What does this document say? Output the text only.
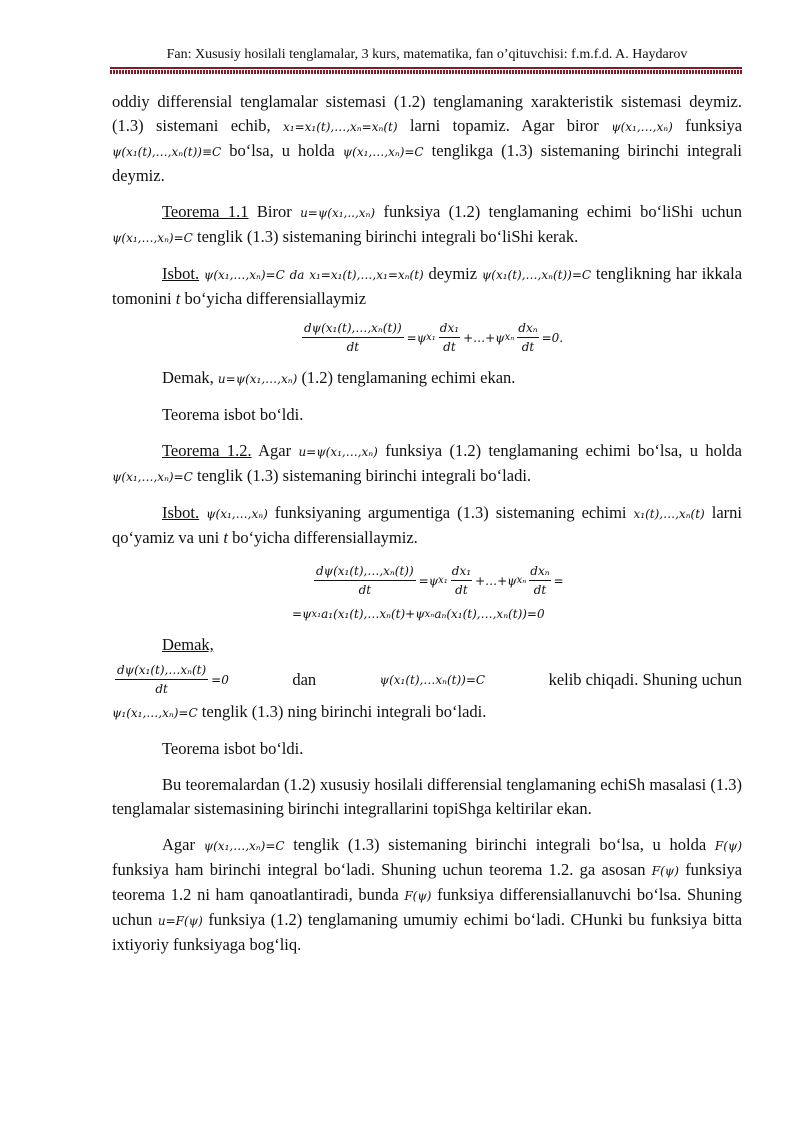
Fan: Xususiy hosilali tenglamalar, 3 kurs, matematika, fan o’qituvchisi: f.m.f.d. A. Haydarov

oddiy differensial tenglamalar sistemasi (1.2) tenglamaning xarakteristik sistemasi deymiz. (1.3) sistemani echib, x₁=x₁(t),…,xₙ=xₙ(t) larni topamiz. Agar biror ψ(x₁,…,xₙ) funksiya ψ(x₁(t),…,xₙ(t))≡C bo‘lsa, u holda ψ(x₁,…,xₙ)=C tenglikga (1.3) sistemaning birinchi integrali deymiz.

Teorema 1.1 Biror u=ψ(x₁,..,xₙ) funksiya (1.2) tenglamaning echimi bo‘liShi uchun ψ(x₁,…,xₙ)=C tenglik (1.3) sistemaning birinchi integrali bo‘liShi kerak.

Isbot. ψ(x₁,…,xₙ)=C da x₁=x₁(t),…,x₁=xₙ(t) deymiz ψ(x₁(t),…,xₙ(t))=C tenglikning har ikkala tomonini t bo‘yicha differensiallaymiz

$\frac{\text{dψ(x₁(t),…,xₙ(t))}}{dt} =\psi$ $x_1 \frac{\text{dx₁}}{dt}$ +…+ψ xₙ $\frac{\text{dxₙ}}{dt} =0$.

Demak, u=ψ(x₁,…,xₙ) (1.2) tenglamaning echimi ekan.

Teorema isbot bo‘ldi.

Teorema 1.2. Agar u=ψ(x₁,…,xₙ) funksiya (1.2) tenglamaning echimi bo‘lsa, u holda ψ(x₁,…,xₙ)=C tenglik (1.3) sistemaning birinchi integrali bo‘ladi.

Isbot. ψ(x₁,…,xₙ) funksiyaning argumentiga (1.3) sistemaning echimi x₁(t),…,xₙ(t) larni qo‘yamiz va uni t bo‘yicha differensiallaymiz.

$\frac{\text{dψ(x₁(t),…,xₙ(t))}}{dt} =\psi$ $x_1 \frac{\text{dx₁}}{dt}$ +…+ψ xₙ $\frac{\text{dxₙ}}{dt}$ =
=ψ x₁ a₁(x₁(t),…xₙ(t)+ψ xₙ aₙ(x₁(t),…,xₙ(t))=0

Demak,

$\frac{\text{dψ(x₁(t),…xₙ(t)}}{dt} =0$	dan	ψ(x₁(t),…xₙ(t))=C	kelib chiqadi. Shuning uchun

ψ₁(x₁,…,xₙ)=C tenglik (1.3) ning birinchi integrali bo‘ladi.

Teorema isbot bo‘ldi.

Bu teoremalardan (1.2) xususiy hosilali differensial tenglamaning echiSh masalasi (1.3) tenglamalar sistemasining birinchi integrallarini topiShga keltirilar ekan.

Agar ψ(x₁,…,xₙ)=C tenglik (1.3) sistemaning birinchi integrali bo‘lsa, u holda F(ψ) funksiya ham birinchi integral bo‘ladi. Shuning uchun teorema 1.2. ga asosan F(ψ) funksiya teorema 1.2 ni ham qanoatlantiradi, bunda F(ψ) funksiya differensiallanuvchi bo‘lsa. Shuning uchun u=F(ψ) funksiya (1.2) tenglamaning umumiy echimi bo‘ladi. CHunki bu funksiya bitta ixtiyoriy funksiyaga bog‘liq.
